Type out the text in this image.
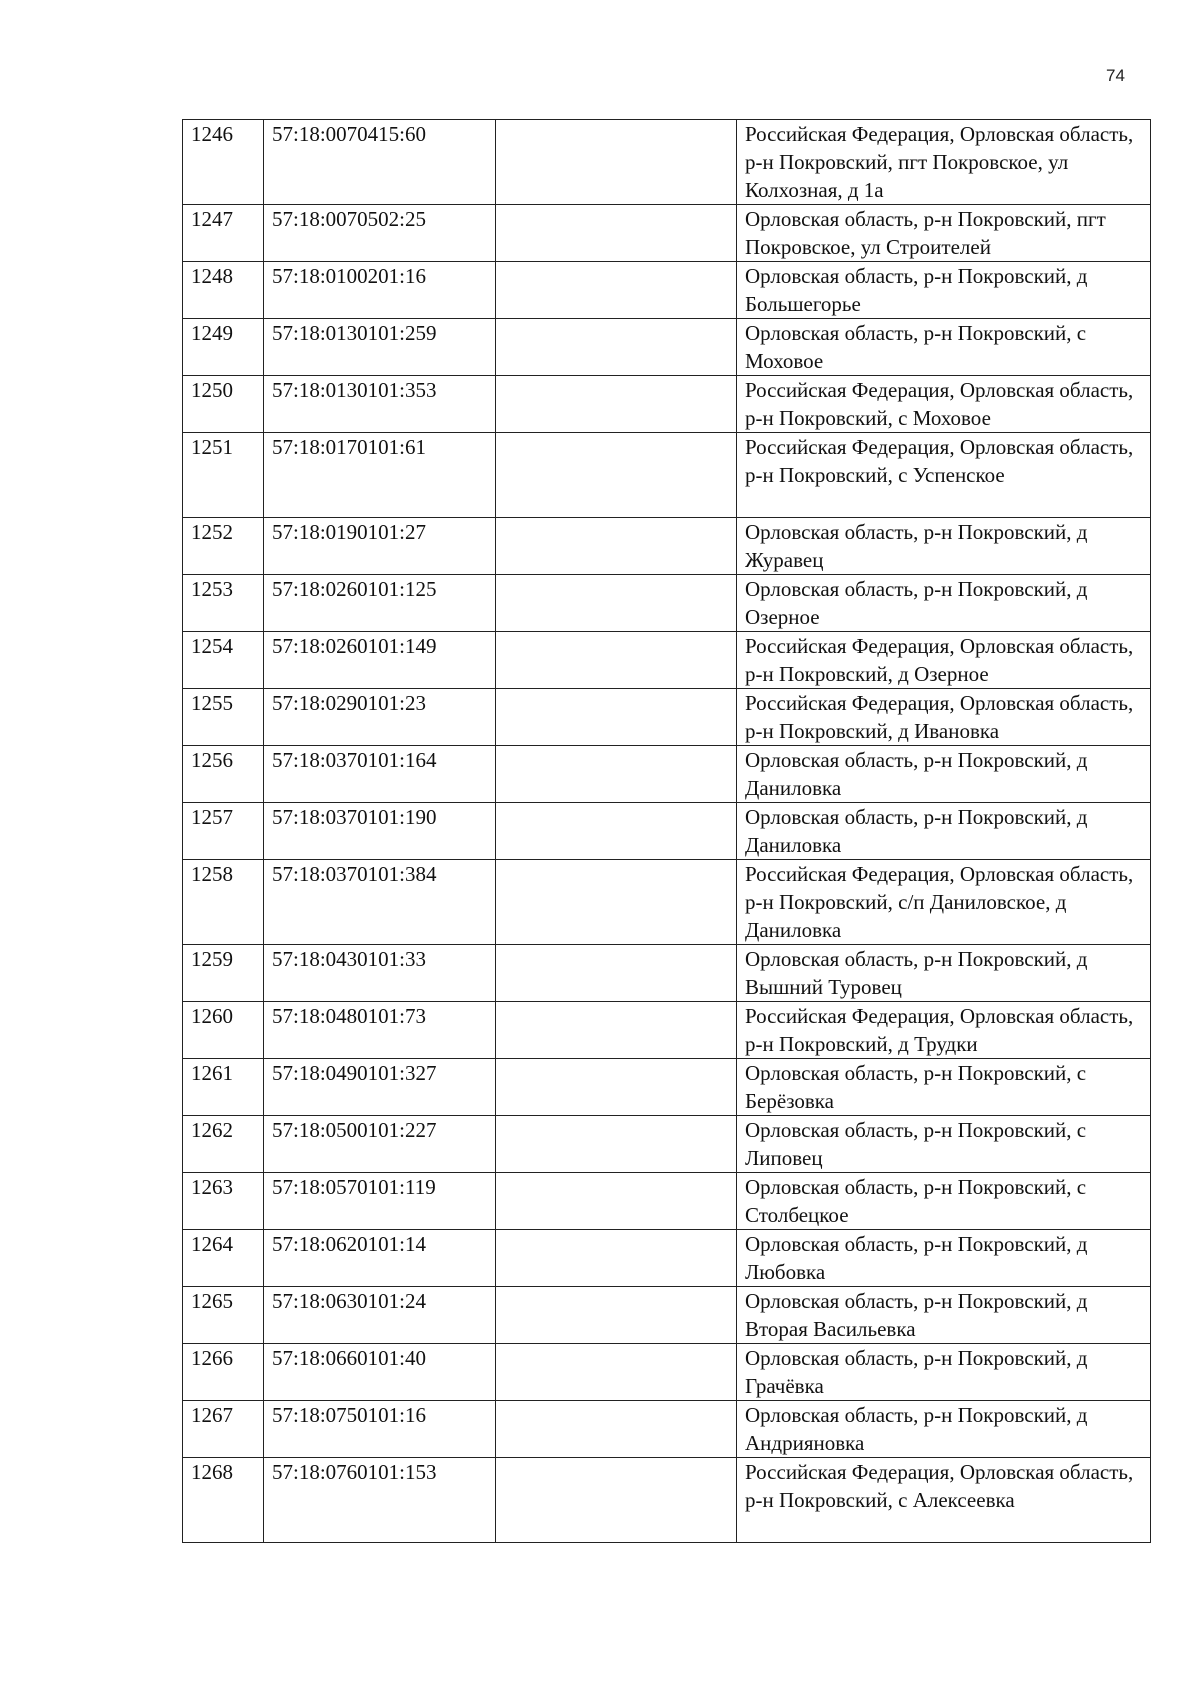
74
1246	57:18:0070415:60		Российская Федерация, Орловская область, р-н Покровский, пгт Покровское, ул Колхозная, д 1а
1247	57:18:0070502:25		Орловская область, р-н Покровский, пгт Покровское, ул Строителей
1248	57:18:0100201:16		Орловская область, р-н Покровский, д Большегорье
1249	57:18:0130101:259		Орловская область, р-н Покровский, с Моховое
1250	57:18:0130101:353		Российская Федерация, Орловская область, р-н Покровский, с Моховое
1251	57:18:0170101:61		Российская Федерация, Орловская область, р-н Покровский, с Успенское
1252	57:18:0190101:27		Орловская область, р-н Покровский, д Журавец
1253	57:18:0260101:125		Орловская область, р-н Покровский, д Озерное
1254	57:18:0260101:149		Российская Федерация, Орловская область, р-н Покровский, д Озерное
1255	57:18:0290101:23		Российская Федерация, Орловская область, р-н Покровский, д Ивановка
1256	57:18:0370101:164		Орловская область, р-н Покровский, д Даниловка
1257	57:18:0370101:190		Орловская область, р-н Покровский, д Даниловка
1258	57:18:0370101:384		Российская Федерация, Орловская область, р-н Покровский, с/п Даниловское, д Даниловка
1259	57:18:0430101:33		Орловская область, р-н Покровский, д Вышний Туровец
1260	57:18:0480101:73		Российская Федерация, Орловская область, р-н Покровский, д Трудки
1261	57:18:0490101:327		Орловская область, р-н Покровский, с Берёзовка
1262	57:18:0500101:227		Орловская область, р-н Покровский, с Липовец
1263	57:18:0570101:119		Орловская область, р-н Покровский, с Столбецкое
1264	57:18:0620101:14		Орловская область, р-н Покровский, д Любовка
1265	57:18:0630101:24		Орловская область, р-н Покровский, д Вторая Васильевка
1266	57:18:0660101:40		Орловская область, р-н Покровский, д Грачёвка
1267	57:18:0750101:16		Орловская область, р-н Покровский, д Андрияновка
1268	57:18:0760101:153		Российская Федерация, Орловская область, р-н Покровский, с Алексеевка
